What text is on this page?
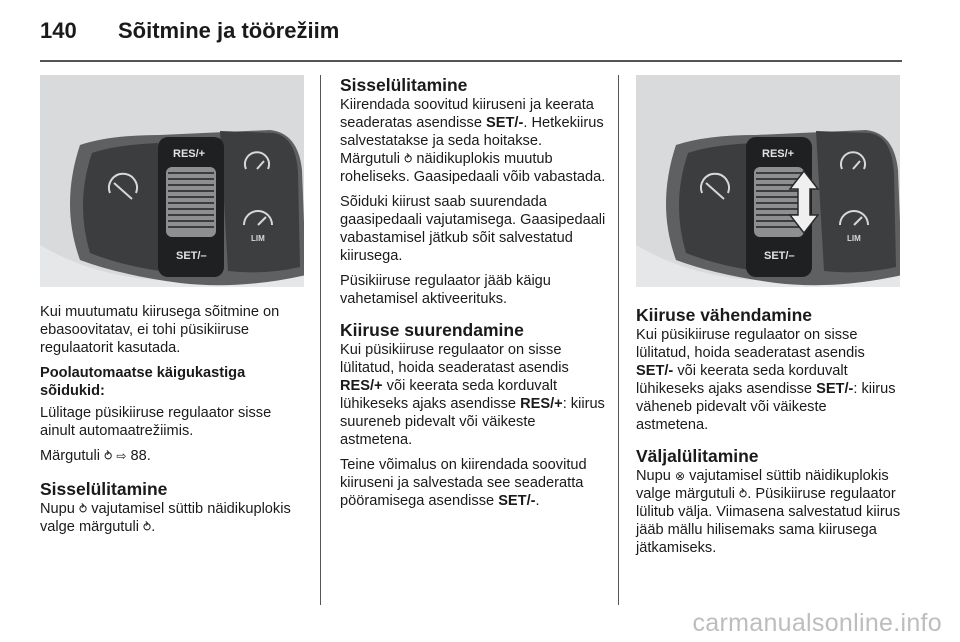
140 Sõitmine ja töörežiim
RES/+
SET/–
LIM

Kui muutumatu kiirusega sõitmine on ebasoovitatav, ei tohi püsikiiruse regulaatorit kasutada.

Poolautomaatse käigukastiga sõidukid:

Lülitage püsikiiruse regulaator sisse ainult automaatrežiimis.

Märgutuli ⥁ ⇨ 88.

Sisselülitamine

Nupu ⥁ vajutamisel süttib näidikuplokis valge märgutuli ⥁.

Sisselülitamine

Kiirendada soovitud kiiruseni ja keerata seaderatas asendisse SET/-. Hetkekiirus salvestatakse ja seda hoitakse. Märgutuli ⥁ näidikuplokis muutub roheliseks. Gaasipedaali võib vabastada.

Sõiduki kiirust saab suurendada gaasipedaali vajutamisega. Gaasipedaali vabastamisel jätkub sõit salvestatud kiirusega.

Püsikiiruse regulaator jääb käigu vahetamisel aktiveerituks.

Kiiruse suurendamine

Kui püsikiiruse regulaator on sisse lülitatud, hoida seaderatast asendis RES/+ või keerata seda korduvalt lühikeseks ajaks asendisse RES/+: kiirus suureneb pidevalt või väikeste astmetena.

Teine võimalus on kiirendada soovitud kiiruseni ja salvestada see seaderatta pööramisega asendisse SET/-.

RES/+
SET/–
LIM
Kiiruse vähendamine

Kui püsikiiruse regulaator on sisse lülitatud, hoida seaderatast asendis SET/- või keerata seda korduvalt lühikeseks ajaks asendisse SET/-: kiirus väheneb pidevalt või väikeste astmetena.

Väljalülitamine

Nupu ⊗ vajutamisel süttib näidikuplokis valge märgutuli ⥁. Püsikiiruse regulaator lülitub välja. Viimasena salvestatud kiirus jääb mällu hilisemaks sama kiirusega jätkamiseks.

carmanualsonline.info
